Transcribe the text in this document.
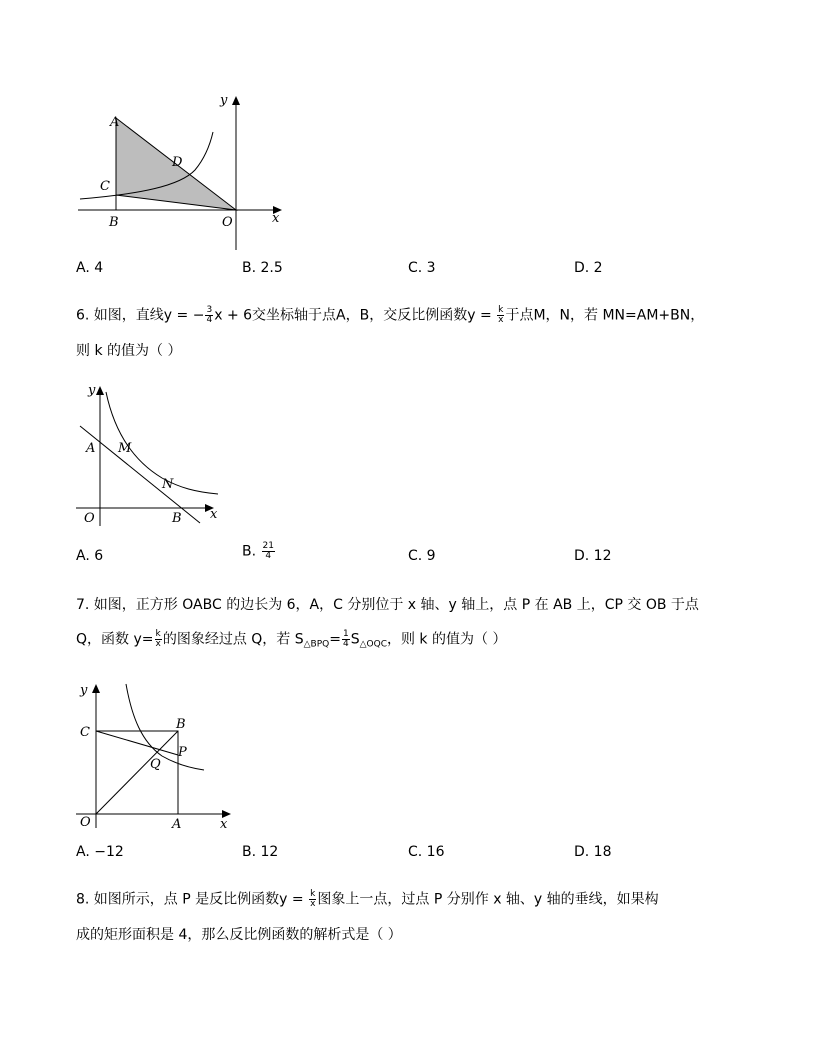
A
D
C
B	O	x
y
A. 4	B. 2.5	C. 3	D. 2
6. 如图，直线y = − $\frac{3}{4}$ x + 6交坐标轴于点A，B，交反比例函数$y = \frac{k}{x}$ 于点M，N，若 MN=AM+BN，
则 k 的值为（ ）
y
A M
N
O	B x
A. 6	B. $\frac{21}{4}$	C. 9	D. 12
7. 如图，正方形 OABC 的边长为 6，A，C 分别位于 x 轴、y 轴上，点 P 在 AB 上，CP 交 OB 于点
Q，函数 $y= \frac{k}{x}$ 的图象经过点 Q，若 $S_{\triangle BPQ}= \frac{1}{4} S_{\triangle OQC}$，则 k 的值为（ ）
y
C
B
P
Q
O	A	x
A. −12	B. 12	C. 16	D. 18
8. 如图所示，点 P 是反比例函数$y = \frac{k}{x}$ 图象上一点，过点 P 分别作 x 轴、y 轴的垂线，如果构
成的矩形面积是 4，那么反比例函数的解析式是（ ）
